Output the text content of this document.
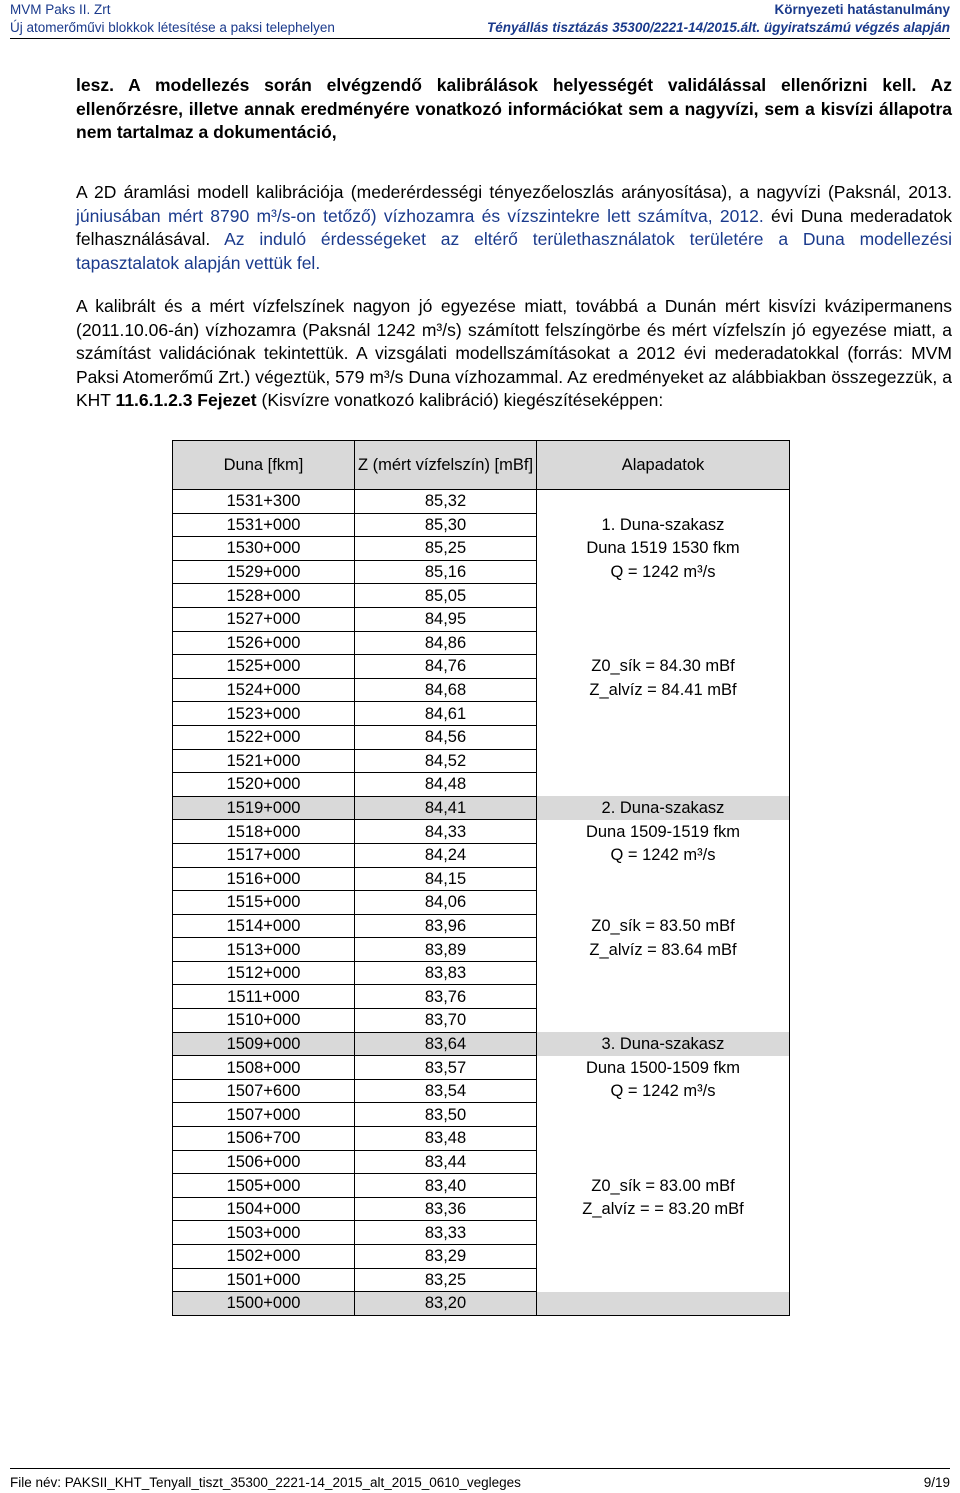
MVM Paks II. Zrt
Új atomerőművi blokkok létesítése a paksi telephelyen
Környezeti hatástanulmány
Tényállás tisztázás 35300/2221-14/2015.ált. ügyiratszámú végzés alapján
lesz. A modellezés során elvégzendő kalibrálások helyességét validálással ellenőrizni kell. Az ellenőrzésre, illetve annak eredményére vonatkozó információkat sem a nagyvízi, sem a kisvízi állapotra nem tartalmaz a dokumentáció,
A 2D áramlási modell kalibrációja (mederérdességi tényezőeloszlás arányosítása), a nagyvízi (Paksnál, 2013. júniusában mért 8790 m³/s-on tetőző) vízhozamra és vízszintekre lett számítva, 2012. évi Duna mederadatok felhasználásával. Az induló érdességeket az eltérő területhasználatok területére a Duna modellezési tapasztalatok alapján vettük fel.
A kalibrált és a mért vízfelszínek nagyon jó egyezése miatt, továbbá a Dunán mért kisvízi kvázipermanens (2011.10.06-án) vízhozamra (Paksnál 1242 m³/s) számított felszíngörbe és mért vízfelszín jó egyezése miatt, a számítást validációnak tekintettük. A vizsgálati modellszámításokat a 2012 évi mederadatokkal (forrás: MVM Paksi Atomerőmű Zrt.) végeztük, 579 m³/s Duna vízhozammal. Az eredményeket az alábbiakban összegezzük, a KHT 11.6.1.2.3 Fejezet (Kisvízre vonatkozó kalibráció) kiegészítéseképpen:
Duna [fkm]	Z (mért vízfelszín) [mBf]	Alapadatok
1531+300	85,32	
1531+000	85,30	1. Duna-szakasz
1530+000	85,25	Duna 1519 1530 fkm
1529+000	85,16	Q = 1242 m³/s
1528+000	85,05	
1527+000	84,95	
1526+000	84,86	
1525+000	84,76	Z0_sík = 84.30 mBf
1524+000	84,68	Z_alvíz = 84.41 mBf
1523+000	84,61	
1522+000	84,56	
1521+000	84,52	
1520+000	84,48	
1519+000	84,41	2. Duna-szakasz
1518+000	84,33	Duna 1509-1519 fkm
1517+000	84,24	Q = 1242 m³/s
1516+000	84,15	
1515+000	84,06	
1514+000	83,96	Z0_sík = 83.50 mBf
1513+000	83,89	Z_alvíz = 83.64 mBf
1512+000	83,83	
1511+000	83,76	
1510+000	83,70	
1509+000	83,64	3. Duna-szakasz
1508+000	83,57	Duna 1500-1509 fkm
1507+600	83,54	Q = 1242 m³/s
1507+000	83,50	
1506+700	83,48	
1506+000	83,44	
1505+000	83,40	Z0_sík = 83.00 mBf
1504+000	83,36	Z_alvíz = = 83.20 mBf
1503+000	83,33	
1502+000	83,29	
1501+000	83,25	
1500+000	83,20	
File név: PAKSII_KHT_Tenyall_tiszt_35300_2221-14_2015_alt_2015_0610_vegleges	9/19
